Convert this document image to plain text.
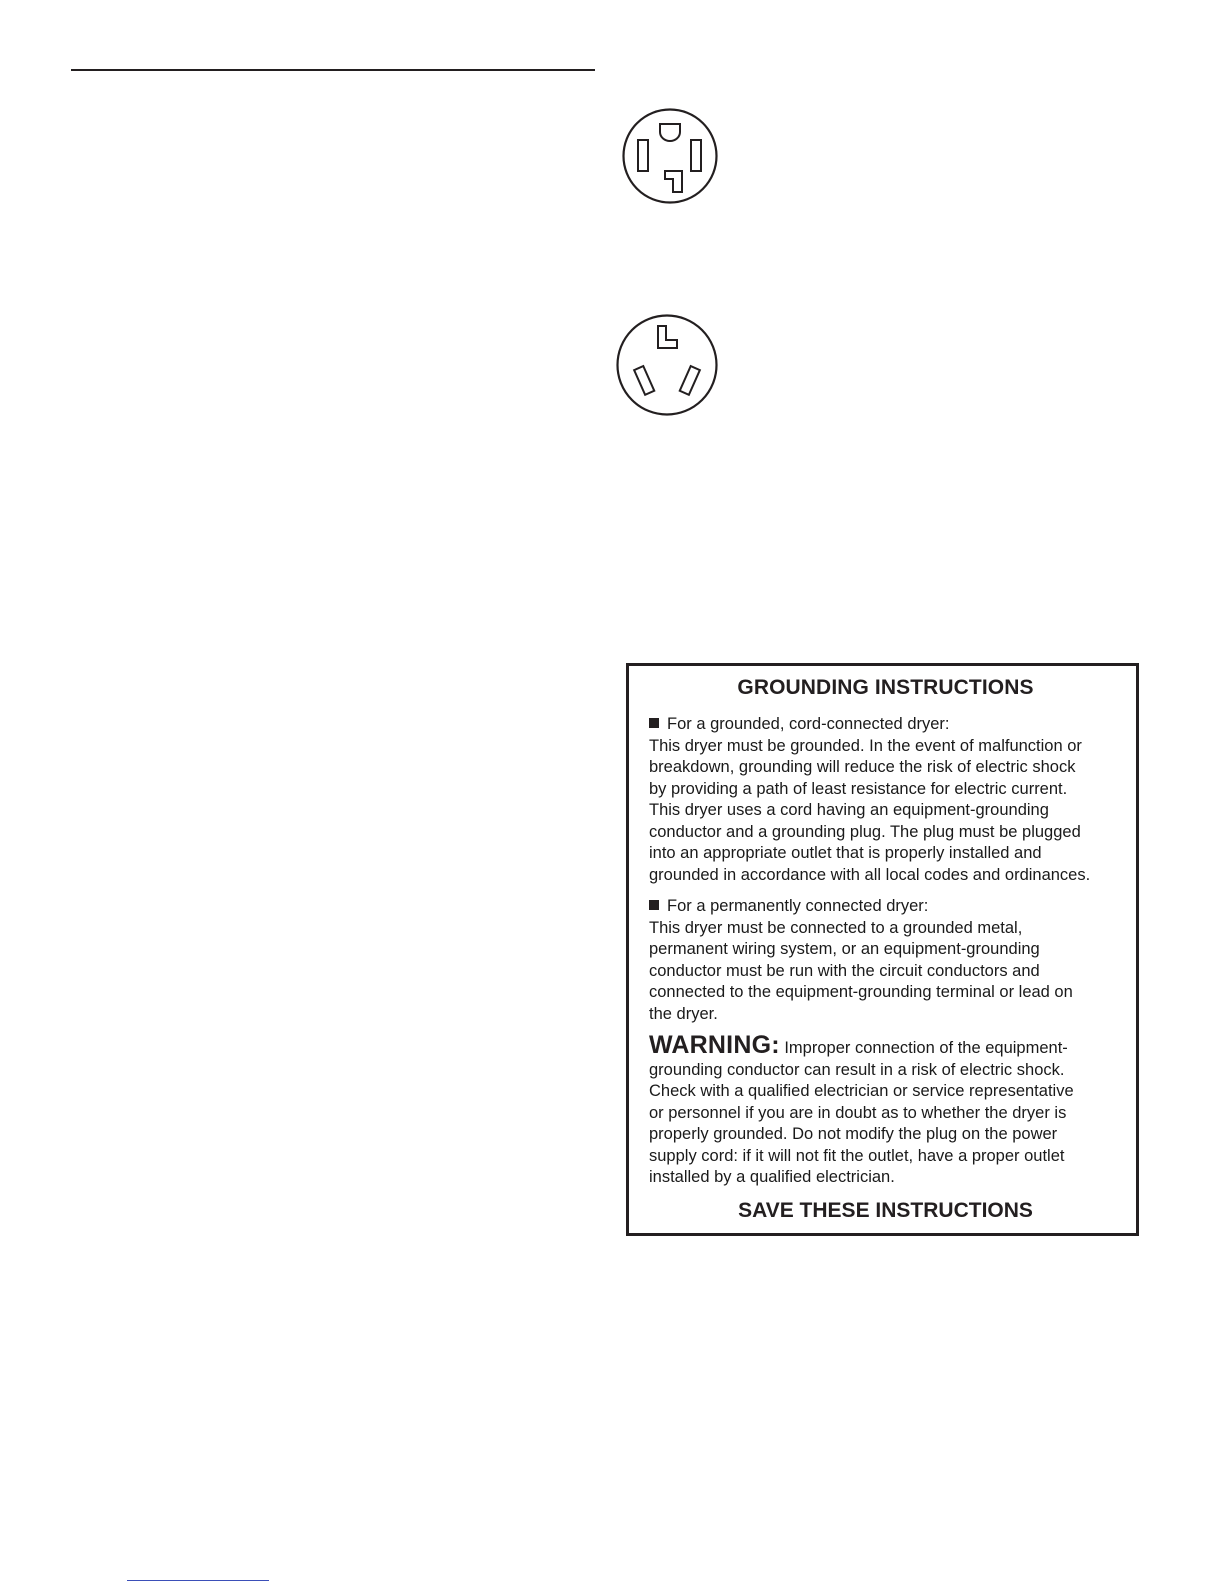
GROUNDING INSTRUCTIONS
For a grounded, cord-connected dryer:
This dryer must be grounded. In the event of malfunction or
breakdown, grounding will reduce the risk of electric shock
by providing a path of least resistance for electric current.
This dryer uses a cord having an equipment-grounding
conductor and a grounding plug. The plug must be plugged
into an appropriate outlet that is properly installed and
grounded in accordance with all local codes and ordinances.
For a permanently connected dryer:
This dryer must be connected to a grounded metal,
permanent wiring system, or an equipment-grounding
conductor must be run with the circuit conductors and
connected to the equipment-grounding terminal or lead on
the dryer.
WARNING: Improper connection of the equipment-
grounding conductor can result in a risk of electric shock.
Check with a qualified electrician or service representative
or personnel if you are in doubt as to whether the dryer is
properly grounded. Do not modify the plug on the power
supply cord: if it will not fit the outlet, have a proper outlet
installed by a qualified electrician.
SAVE THESE INSTRUCTIONS
